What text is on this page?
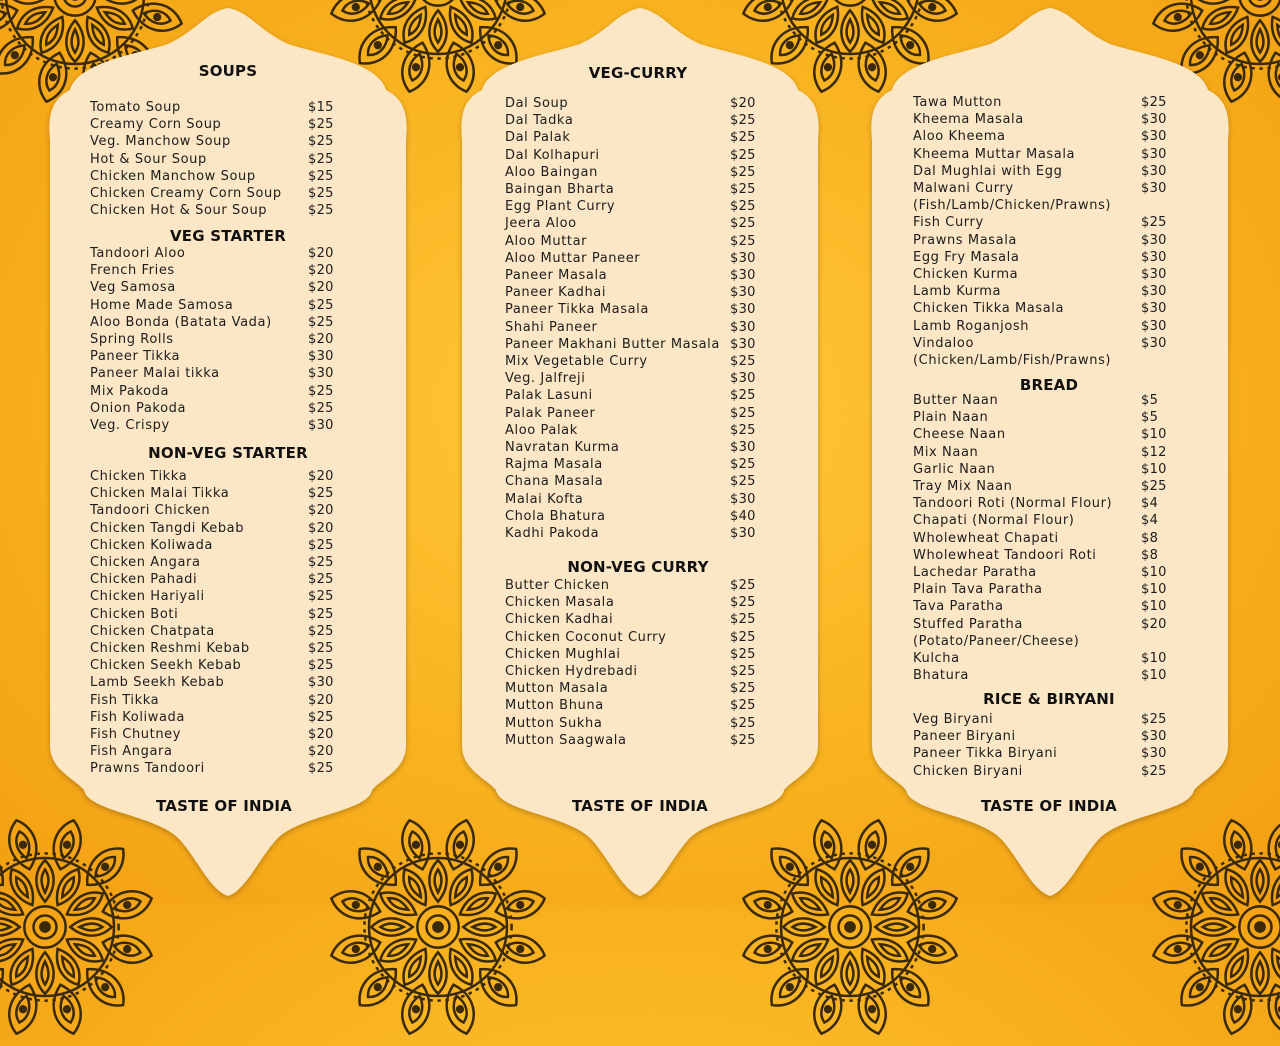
SOUPS
Tomato Soup	$15
Creamy Corn Soup	$25
Veg. Manchow Soup	$25
Hot & Sour Soup	$25
Chicken Manchow Soup	$25
Chicken Creamy Corn Soup $25
Chicken Hot & Sour Soup	$25
VEG STARTER
Tandoori Aloo	$20
French Fries	$20
Veg Samosa	$20
Home Made Samosa	$25
Aloo Bonda (Batata Vada)	$25
Spring Rolls	$20
Paneer Tikka	$30
Paneer Malai tikka	$30
Mix Pakoda	$25
Onion Pakoda	$25
Veg. Crispy	$30
NON-VEG STARTER
Chicken Tikka	$20
Chicken Malai Tikka	$25
Tandoori Chicken	$20
Chicken Tangdi Kebab	$20
Chicken Koliwada	$25
Chicken Angara	$25
Chicken Pahadi	$25
Chicken Hariyali	$25
Chicken Boti	$25
Chicken Chatpata	$25
Chicken Reshmi Kebab	$25
Chicken Seekh Kebab	$25
Lamb Seekh Kebab	$30
Fish Tikka	$20
Fish Koliwada	$25
Fish Chutney	$20
Fish Angara	$20
Prawns Tandoori	$25
VEG-CURRY
Dal Soup	$20
Dal Tadka	$25
Dal Palak	$25
Dal Kolhapuri	$25
Aloo Baingan	$25
Baingan Bharta	$25
Egg Plant Curry	$25
Jeera Aloo	$25
Aloo Muttar	$25
Aloo Muttar Paneer	$30
Paneer Masala	$30
Paneer Kadhai	$30
Paneer Tikka Masala	$30
Shahi Paneer	$30
Paneer Makhani Butter Masala $30
Mix Vegetable Curry	$25
Veg. Jalfreji	$30
Palak Lasuni	$25
Palak Paneer	$25
Aloo Palak	$25
Navratan Kurma	$30
Rajma Masala	$25
Chana Masala	$25
Malai Kofta	$30
Chola Bhatura	$40
Kadhi Pakoda	$30
NON-VEG CURRY
Butter Chicken	$25
Chicken Masala	$25
Chicken Kadhai	$25
Chicken Coconut Curry	$25
Chicken Mughlai	$25
Chicken Hydrebadi	$25
Mutton Masala	$25
Mutton Bhuna	$25
Mutton Sukha	$25
Mutton Saagwala	$25
Tawa Mutton	$25
Kheema Masala	$30
Aloo Kheema	$30
Kheema Muttar Masala	$30
Dal Mughlai with Egg	$30
Malwani Curry	$30
(Fish/Lamb/Chicken/Prawns)
Fish Curry	$25
Prawns Masala	$30
Egg Fry Masala	$30
Chicken Kurma	$30
Lamb Kurma	$30
Chicken Tikka Masala	$30
Lamb Roganjosh	$30
Vindaloo	$30
(Chicken/Lamb/Fish/Prawns)
BREAD
Butter Naan	$5
Plain Naan	$5
Cheese Naan	$10
Mix Naan	$12
Garlic Naan	$10
Tray Mix Naan	$25
Tandoori Roti (Normal Flour) $4
Chapati (Normal Flour)	$4
Wholewheat Chapati	$8
Wholewheat Tandoori Roti	$8
Lachedar Paratha	$10
Plain Tava Paratha	$10
Tava Paratha	$10
Stuffed Paratha	$20
(Potato/Paneer/Cheese)
Kulcha	$10
Bhatura	$10
RICE & BIRYANI
Veg Biryani	$25
Paneer Biryani	$30
Paneer Tikka Biryani	$30
Chicken Biryani	$25
TASTE OF INDIA	TASTE OF INDIA	TASTE OF INDIA
